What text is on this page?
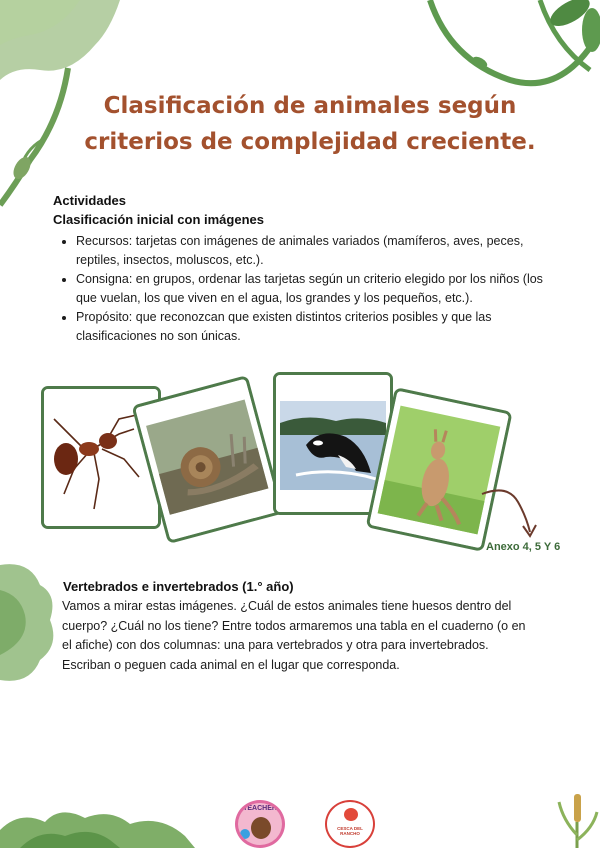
Clasificación de animales según
criterios de complejidad creciente.

Actividades

Clasificación inicial con imágenes

• Recursos: tarjetas con imágenes de animales variados (mamíferos, aves, peces, reptiles, insectos, moluscos, etc.).
• Consigna: en grupos, ordenar las tarjetas según un criterio elegido por los niños (los que vuelan, los que viven en el agua, los grandes y los pequeños, etc.).
• Propósito: que reconozcan que existen distintos criterios posibles y que las clasificaciones no son únicas.
Anexo 4, 5 Y 6

Vertebrados e invertebrados (1.° año)

Vamos a mirar estas imágenes. ¿Cuál de estos animales tiene huesos dentro del cuerpo? ¿Cuál no los tiene? Entre todos armaremos una tabla en el cuaderno (o en el afiche) con dos columnas: una para vertebrados y otra para invertebrados. Escriban o peguen cada animal en el lugar que corresponda.

TEACHER
CESCA DEL RANCHO
